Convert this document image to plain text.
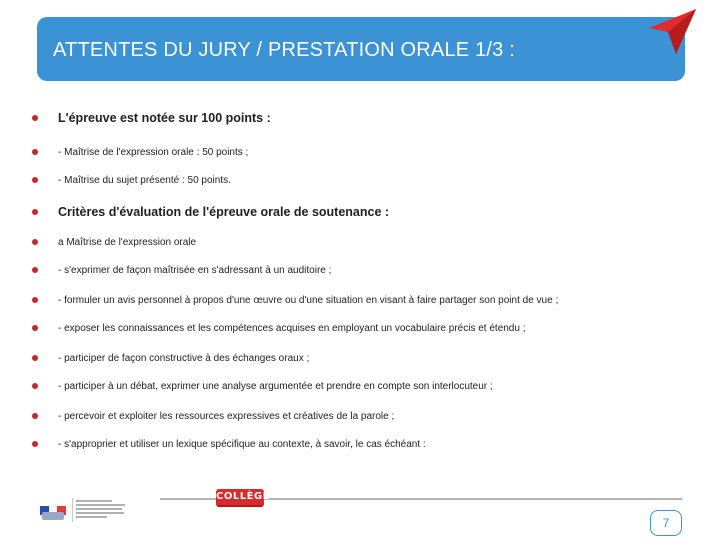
ATTENTES DU JURY / PRESTATION ORALE 1/3 :
L'épreuve est notée sur 100 points :
- Maîtrise de l'expression orale : 50 points ;
- Maîtrise du sujet présenté : 50 points.
Critères d'évaluation de l'épreuve orale de soutenance :
a Maîtrise de l'expression orale
- s'exprimer de façon maîtrisée en s'adressant à un auditoire ;
- formuler un avis personnel à propos d'une œuvre ou d'une situation en visant à faire partager son point de vue ;
- exposer les connaissances et les compétences acquises en employant un vocabulaire précis et étendu ;
- participer de façon constructive à des échanges oraux ;
- participer à un débat, exprimer une analyse argumentée et prendre en compte son interlocuteur ;
- percevoir et exploiter les ressources expressives et créatives de la parole ;
- s'approprier et utiliser un lexique spécifique au contexte, à savoir, le cas échéant :
COLLÈGE
7
